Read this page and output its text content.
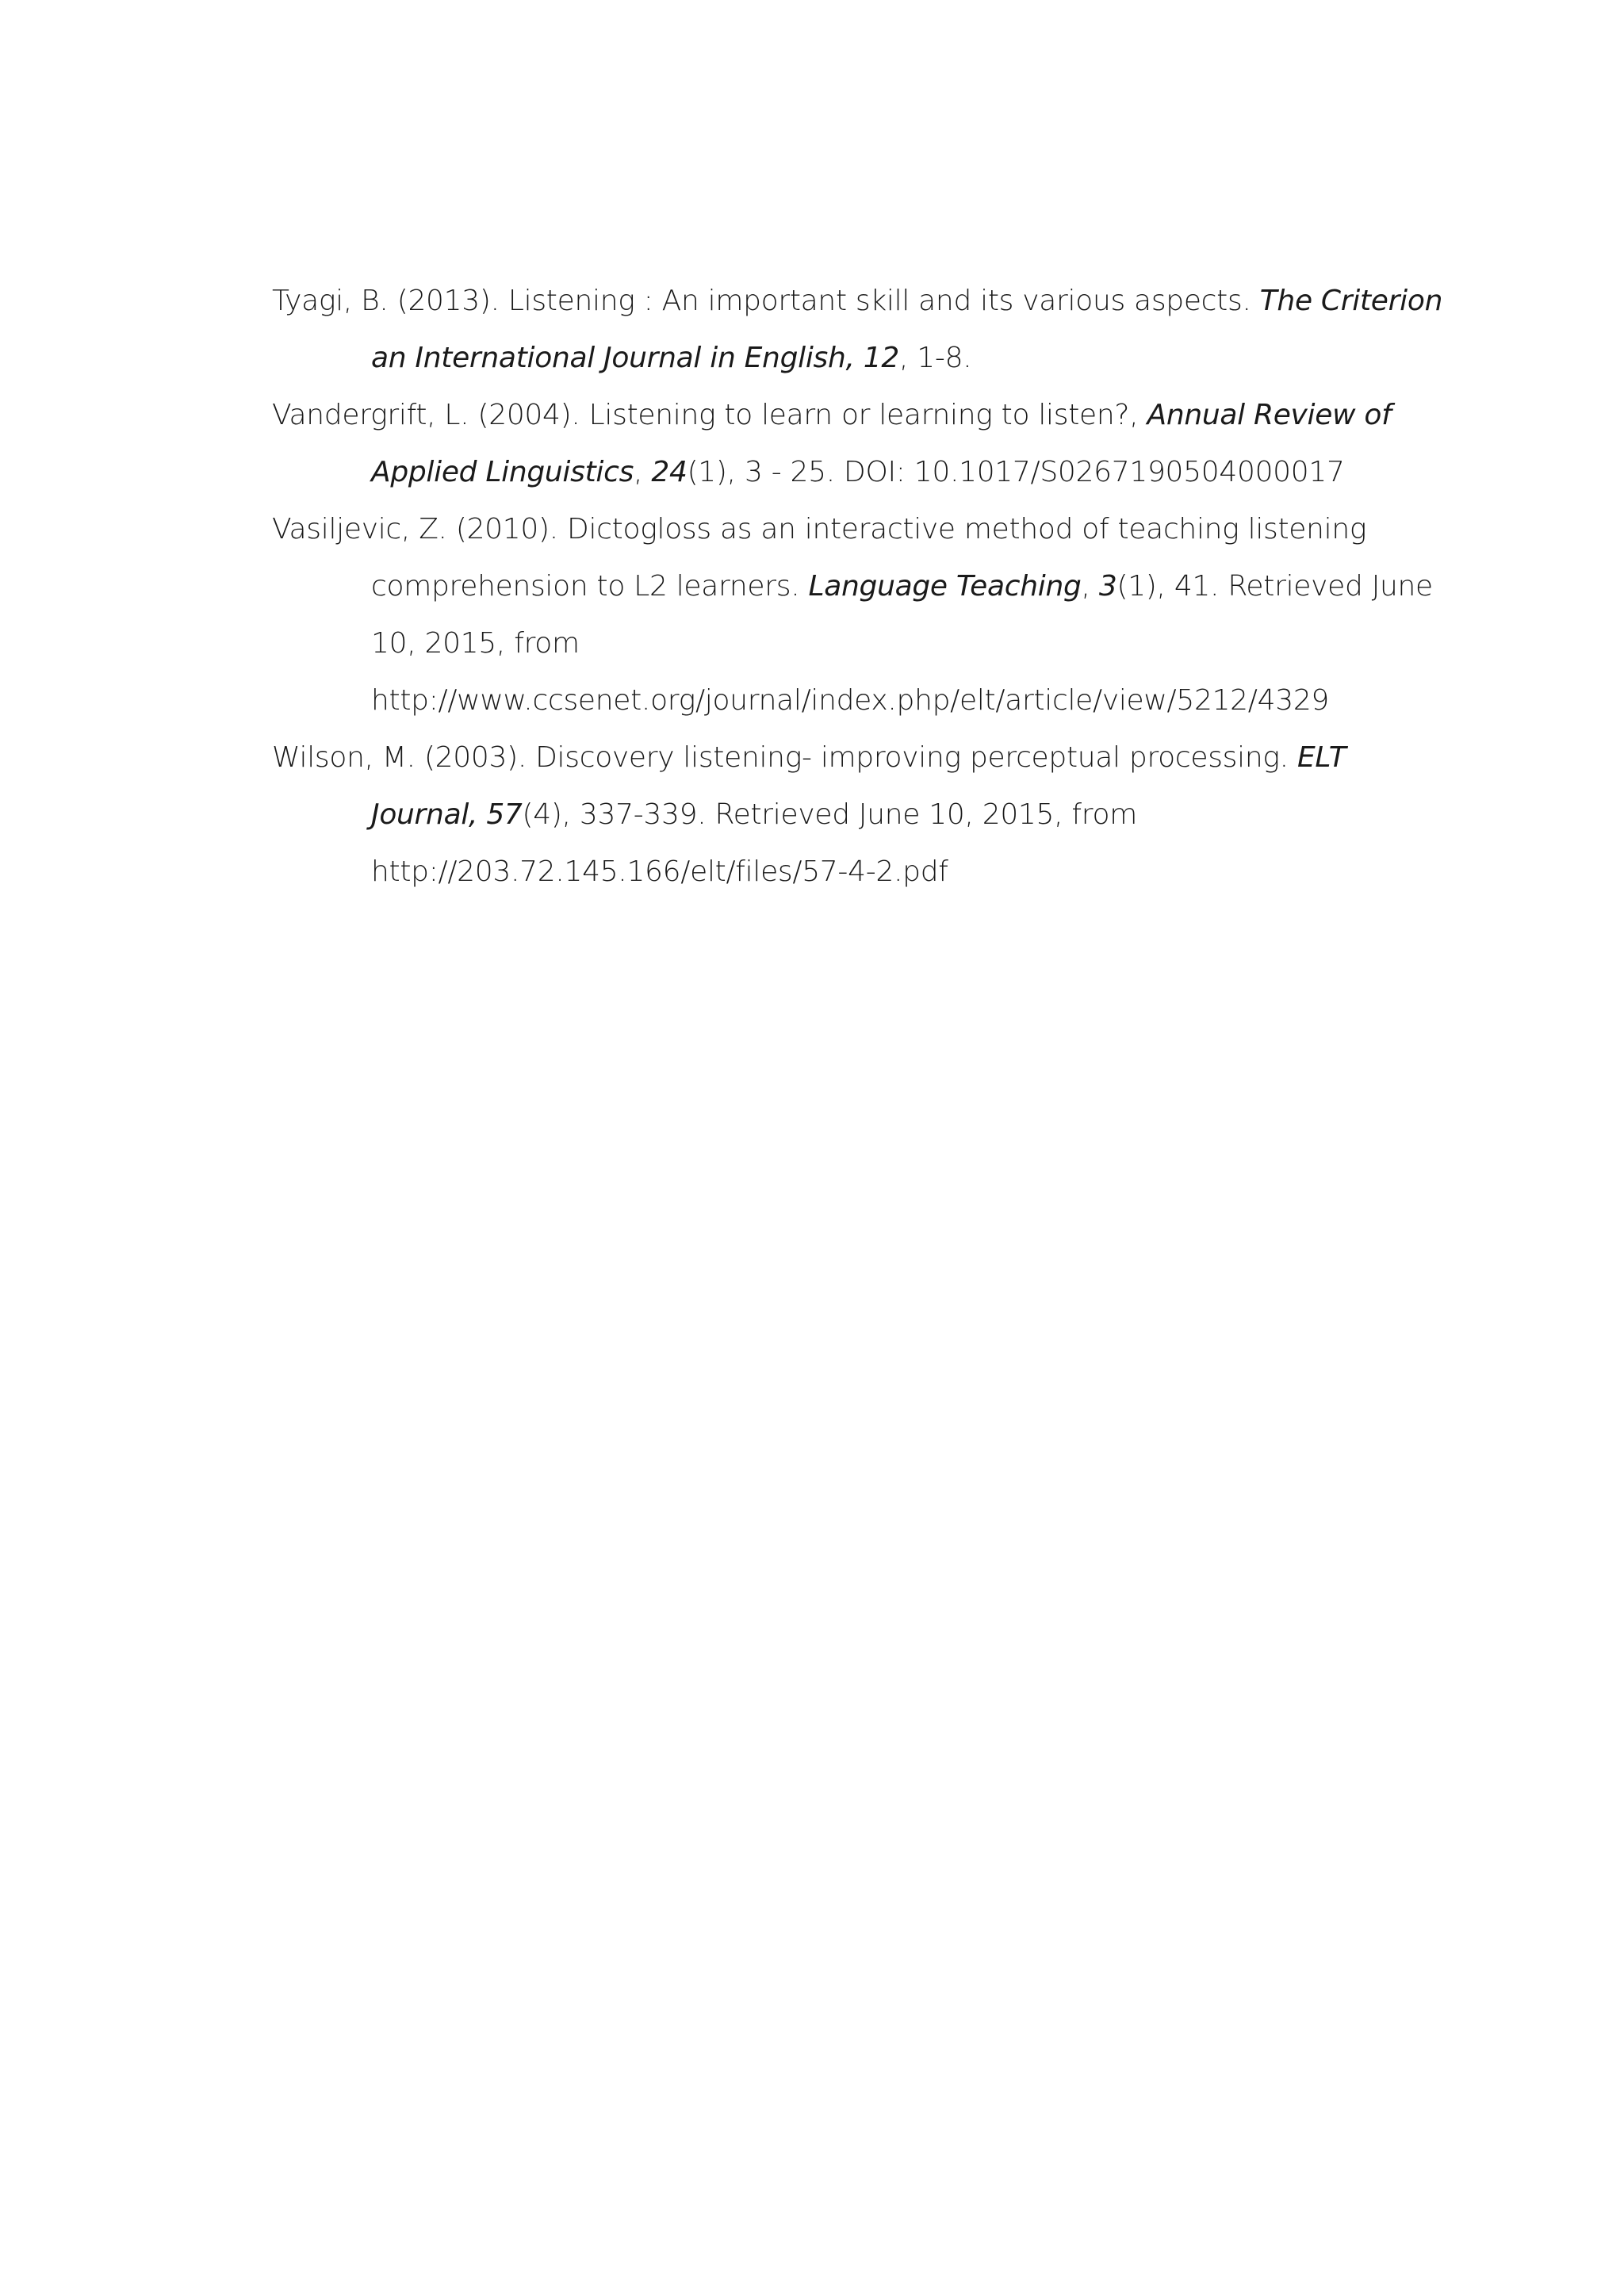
Tyagi, B. (2013). Listening : An important skill and its various aspects. The Criterion
an International Journal in English, 12, 1-8.
Vandergrift, L. (2004). Listening to learn or learning to listen?, Annual Review of
Applied Linguistics, 24(1), 3 - 25. DOI: 10.1017/S0267190504000017
Vasiljevic, Z. (2010). Dictogloss as an interactive method of teaching listening
comprehension to L2 learners. Language Teaching, 3(1), 41. Retrieved June
10, 2015, from
http://www.ccsenet.org/journal/index.php/elt/article/view/5212/4329
Wilson, M. (2003). Discovery listening- improving perceptual processing. ELT
Journal, 57(4), 337-339. Retrieved June 10, 2015, from
http://203.72.145.166/elt/files/57-4-2.pdf
